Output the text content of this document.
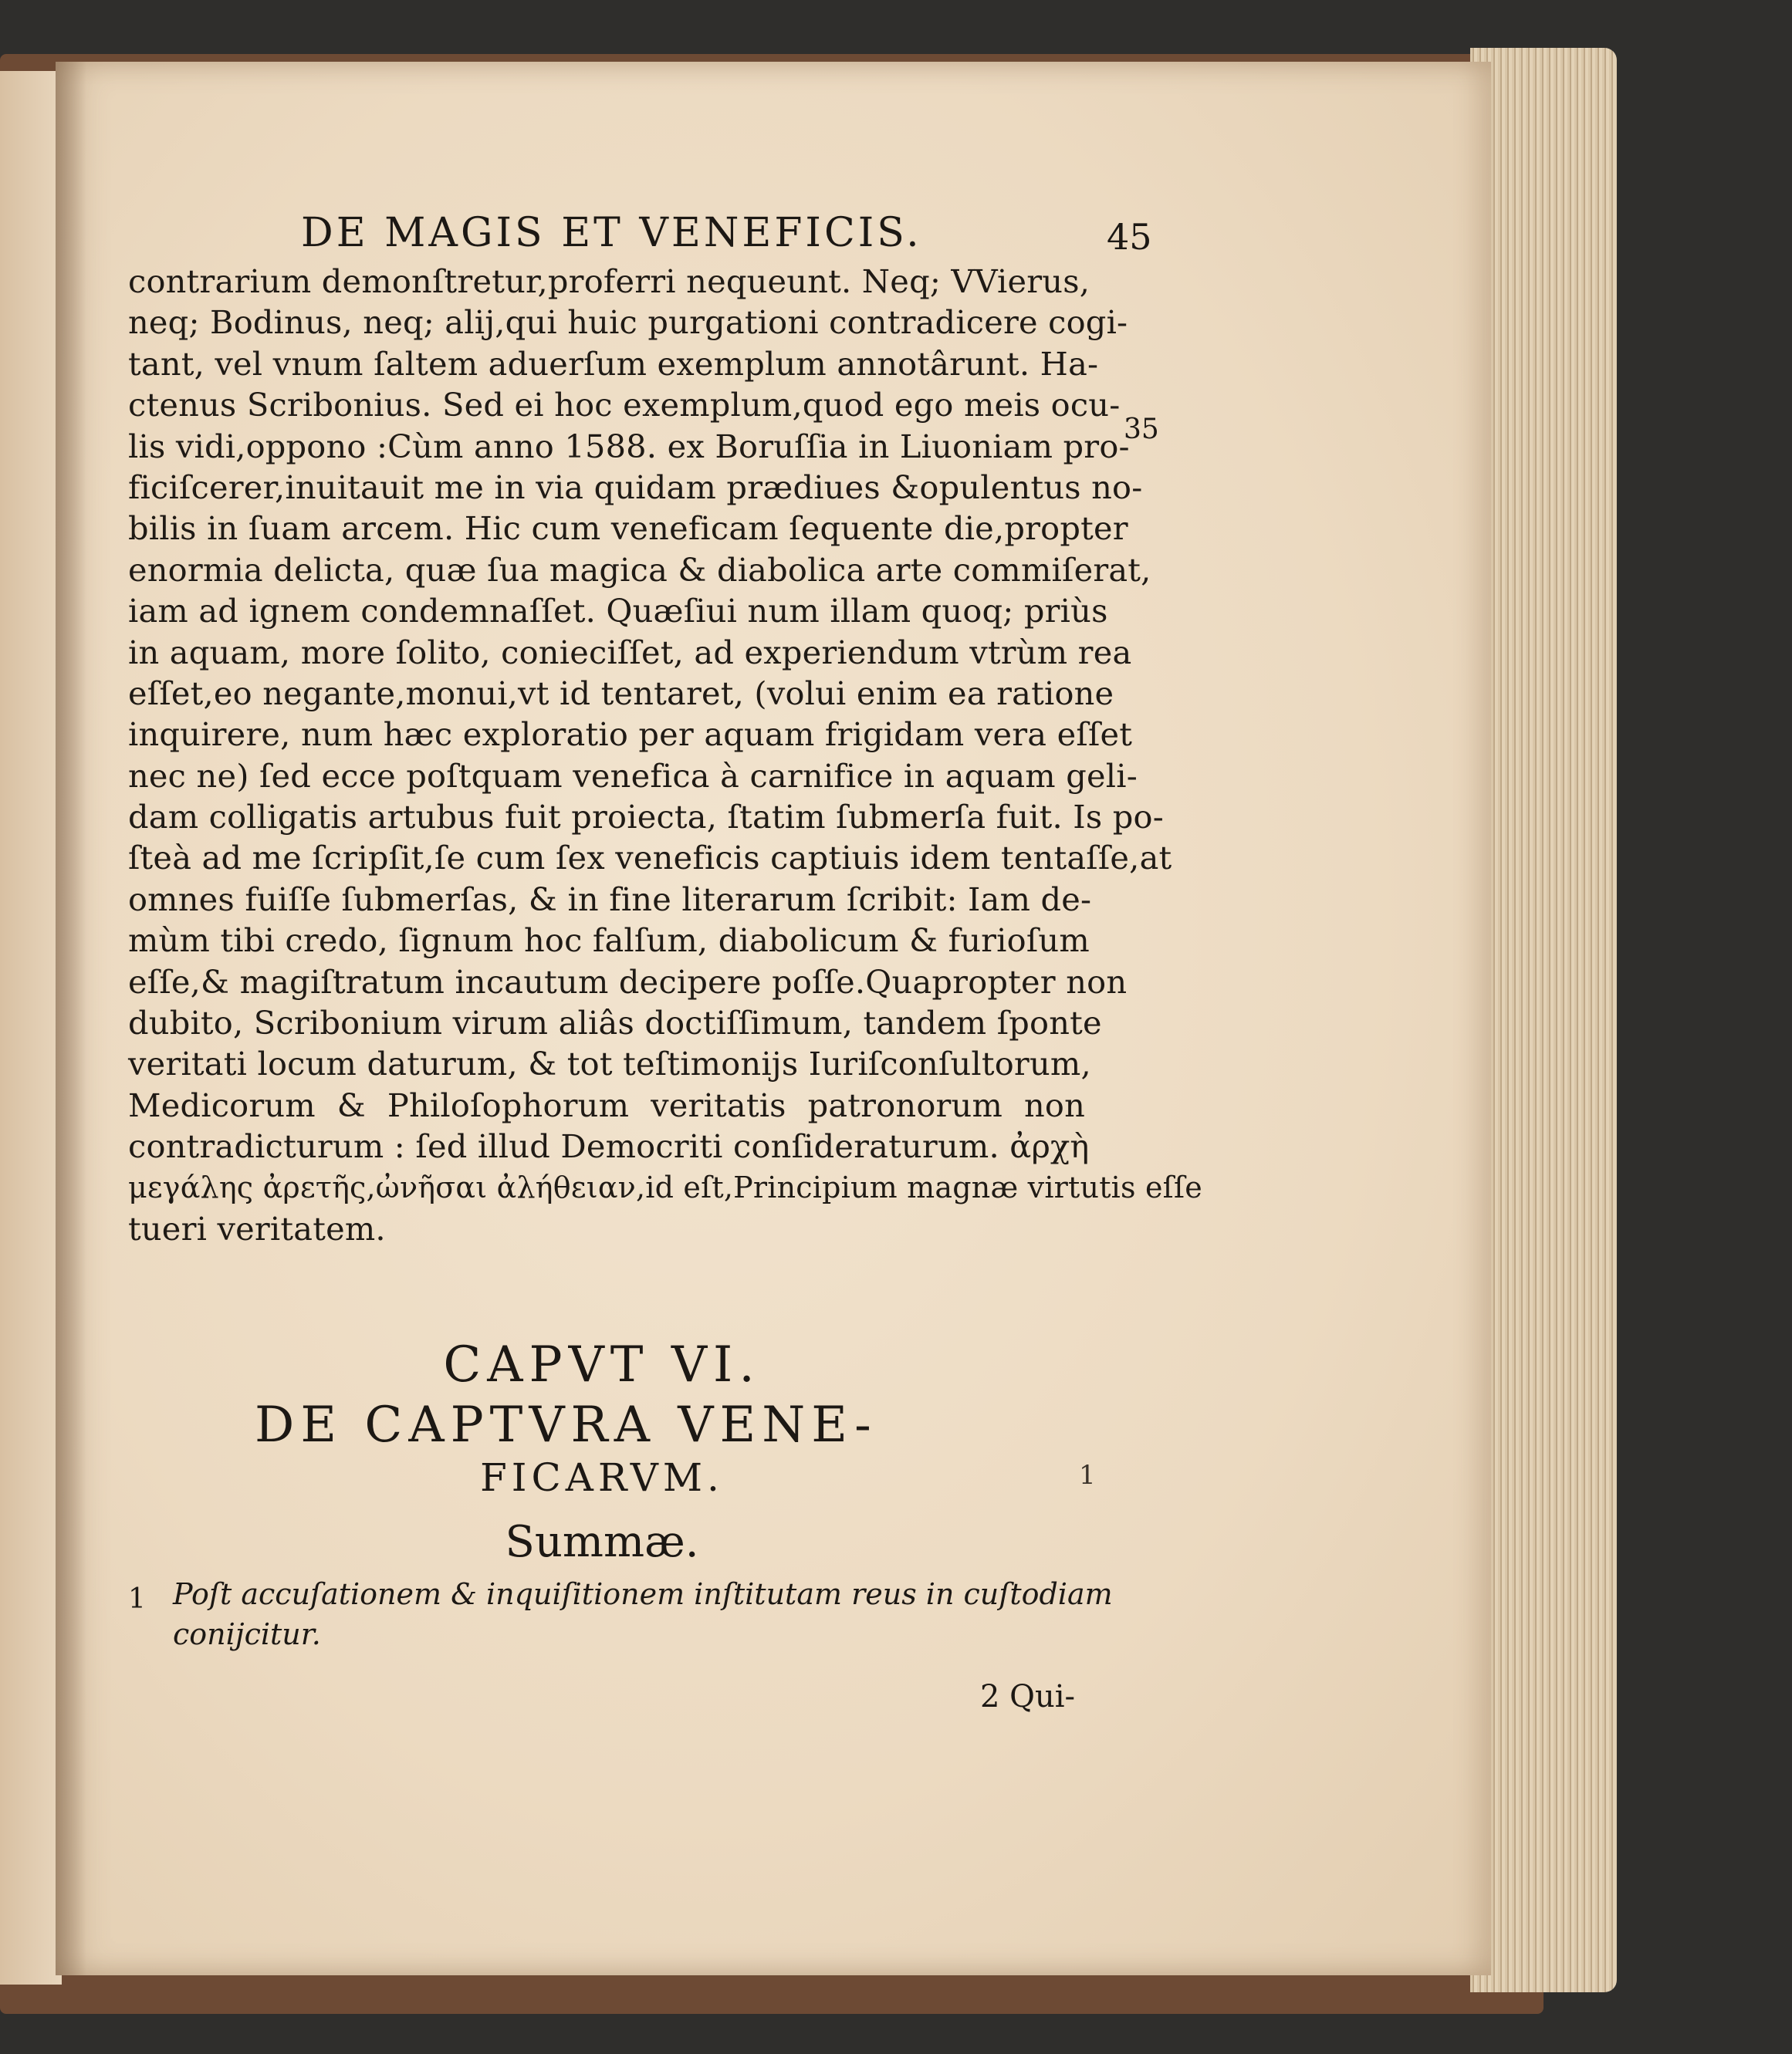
DE MAGIS ET VENEFICIS.	45
35
contrarium demonſtretur,proferri nequeunt. Neq; VVierus,
neq; Bodinus, neq; alij,qui huic purgationi contradicere cogi-
tant, vel vnum ſaltem aduerſum exemplum annotârunt. Ha-
ctenus Scribonius. Sed ei hoc exemplum,quod ego meis ocu-
lis vidi,oppono :Cùm anno 1588. ex Boruſſia in Liuoniam pro-
ficiſcerer,inuitauit me in via quidam prædiues &opulentus no-
bilis in ſuam arcem. Hic cum veneficam ſequente die,propter
enormia delicta, quæ ſua magica & diabolica arte commiſerat,
iam ad ignem condemnaſſet. Quæſiui num illam quoq; priùs
in aquam, more ſolito, conieciſſet, ad experiendum vtrùm rea
eſſet,eo negante,monui,vt id tentaret, (volui enim ea ratione
inquirere, num hæc exploratio per aquam frigidam vera eſſet
nec ne) ſed ecce poſtquam venefica à carnifice in aquam geli-
dam colligatis artubus fuit proiecta, ſtatim ſubmerſa fuit. Is po-
ſteà ad me ſcripſit,ſe cum ſex veneficis captiuis idem tentaſſe,at
omnes fuiſſe ſubmerſas, & in fine literarum ſcribit: Iam de-
mùm tibi credo, ſignum hoc falſum, diabolicum & furioſum
eſſe,& magiſtratum incautum decipere poſſe.Quapropter non
dubito, Scribonium virum aliâs doctiſſimum, tandem ſponte
veritati locum daturum, & tot teſtimonijs Iuriſconſultorum,
Medicorum & Philoſophorum veritatis patronorum non
contradicturum : ſed illud Democriti conſideraturum. ἀρχὴ
μεγάλης ἀρετῆς,ὠνῆσαι ἀλήθειαν,id eſt,Principium magnæ virtutis eſſe
tueri veritatem.
CAPVT VI.
DE CAPTVRA VENE-
FICARVM.
Summæ.
1
1 Poſt accuſationem & inquiſitionem inſtitutam reus in cuſtodiam
conijcitur.
2 Qui-
